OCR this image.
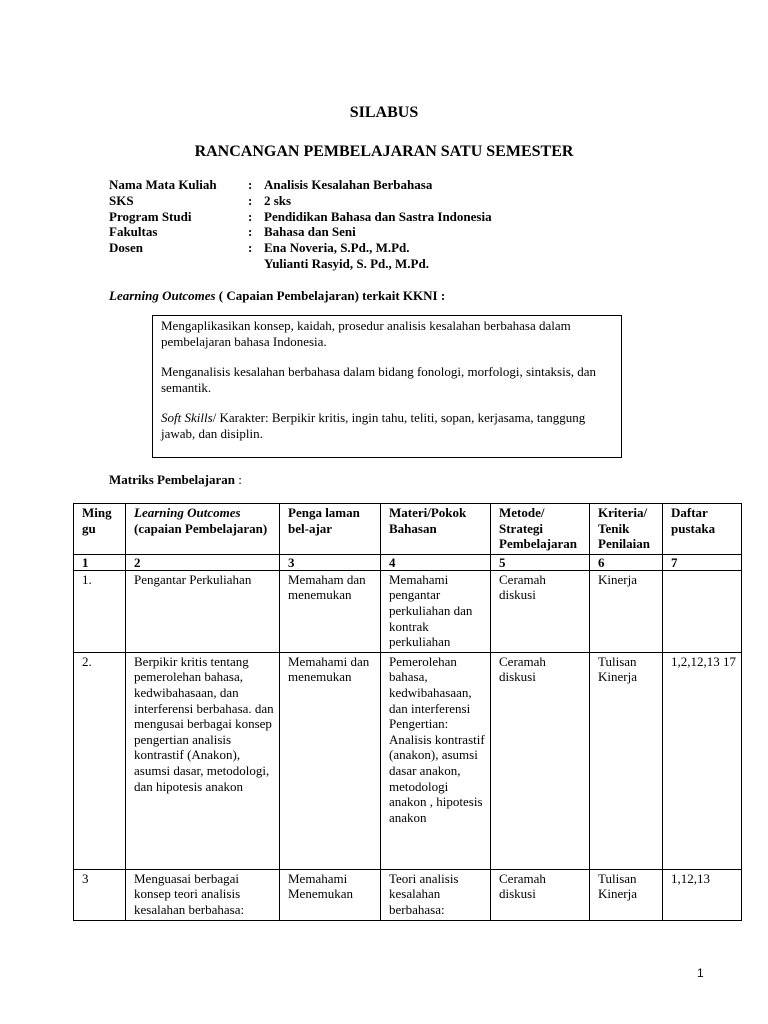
SILABUS
RANCANGAN PEMBELAJARAN SATU SEMESTER
Nama Mata Kuliah	: Analisis Kesalahan Berbahasa
SKS	: 2 sks
Program Studi	: Pendidikan Bahasa dan Sastra Indonesia
Fakultas	: Bahasa dan Seni
Dosen	: Ena Noveria, S.Pd., M.Pd.
Yulianti Rasyid, S. Pd., M.Pd.
Learning Outcomes ( Capaian Pembelajaran) terkait KKNI :

Mengaplikasikan konsep, kaidah, prosedur analisis kesalahan berbahasa dalam pembelajaran bahasa Indonesia.

Menganalisis kesalahan berbahasa dalam bidang fonologi, morfologi, sintaksis, dan semantik.

Soft Skills/ Karakter: Berpikir kritis, ingin tahu, teliti, sopan, kerjasama, tanggung jawab, dan disiplin.

Matriks Pembelajaran :
Ming gu	Learning Outcomes
(capaian Pembelajaran)	Penga laman bel-ajar	Materi/Pokok Bahasan	Metode/ Strategi Pembelajaran	Kriteria/ Tenik Penilaian	Daftar pustaka
1	2	3	4	5	6	7
1.	Pengantar Perkuliahan	Memaham dan menemukan	Memahami pengantar perkuliahan dan kontrak perkuliahan	Ceramah diskusi	Kinerja	
2.	Berpikir kritis tentang pemerolehan bahasa, kedwibahasaan, dan interferensi berbahasa. dan mengusai berbagai konsep pengertian analisis kontrastif (Anakon), asumsi dasar, metodologi, dan hipotesis anakon	Memahami dan menemukan	Pemerolehan bahasa, kedwibahasaan, dan interferensi Pengertian: Analisis kontrastif (anakon), asumsi dasar anakon, metodologi anakon , hipotesis anakon	Ceramah diskusi	Tulisan Kinerja	1,2,12,13 17
3	Menguasai berbagai konsep teori analisis kesalahan berbahasa:	Memahami Menemukan	Teori analisis kesalahan berbahasa:	Ceramah diskusi	Tulisan Kinerja	1,12,13
1
